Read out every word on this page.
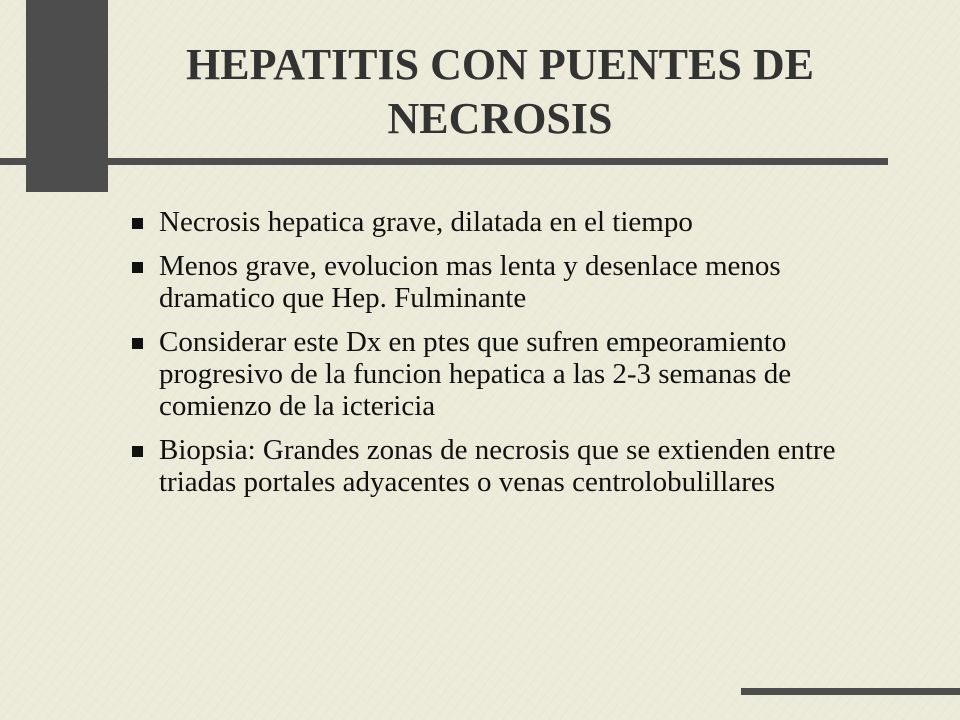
HEPATITIS CON PUENTES DE
NECROSIS
Necrosis hepatica grave, dilatada en el tiempo
Menos grave, evolucion mas lenta y desenlace menos dramatico que Hep. Fulminante
Considerar este Dx en ptes que sufren empeoramiento progresivo de la funcion hepatica a las 2-3 semanas de comienzo de la ictericia
Biopsia: Grandes zonas de necrosis que se extienden entre triadas portales adyacentes o venas centrolobulillares
